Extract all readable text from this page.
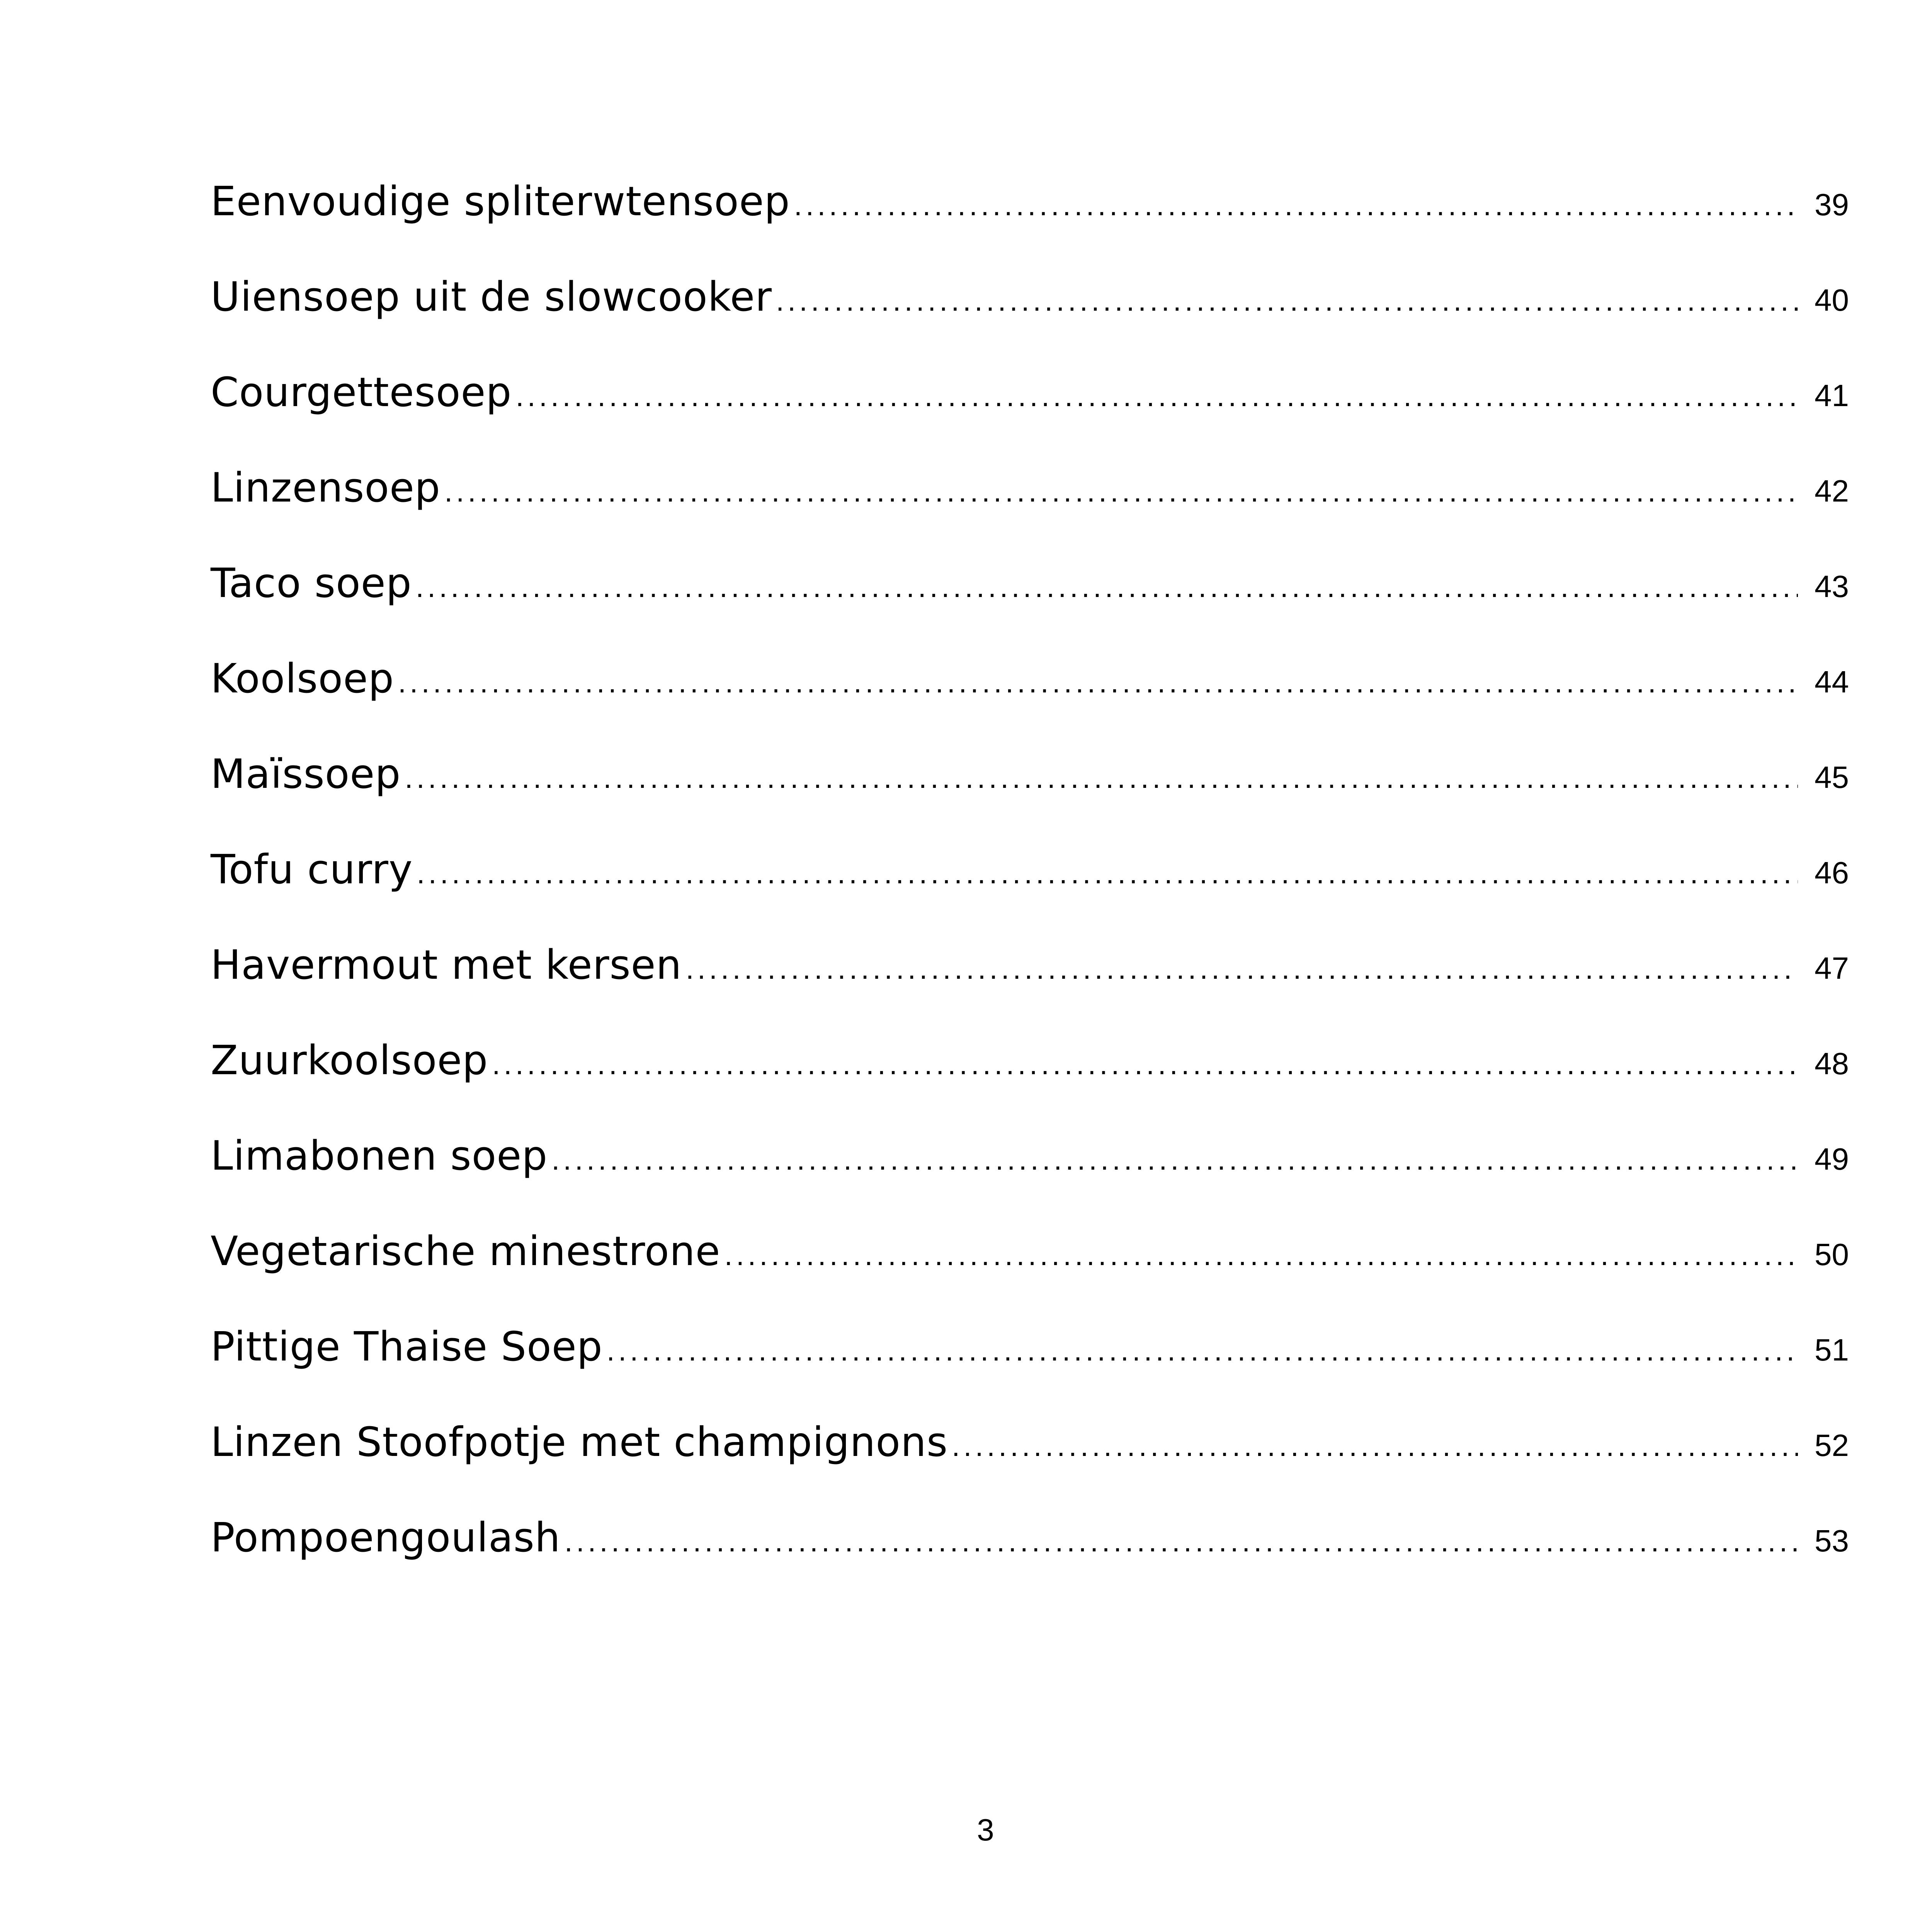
Eenvoudige spliterwtensoep . . .	39
Uiensoep uit de slowcooker . . .	40
Courgettesoep . . .	41
Linzensoep . . .	42
Taco soep . . .	43
Koolsoep . . .	44
Maïssoep . . .	45
Tofu curry . . .	46
Havermout met kersen . . .	47
Zuurkoolsoep . . .	48
Limabonen soep . . .	49
Vegetarische minestrone . . .	50
Pittige Thaise Soep . . .	51
Linzen Stoofpotje met champignons . . .	52
Pompoengoulash . . .	53
3
